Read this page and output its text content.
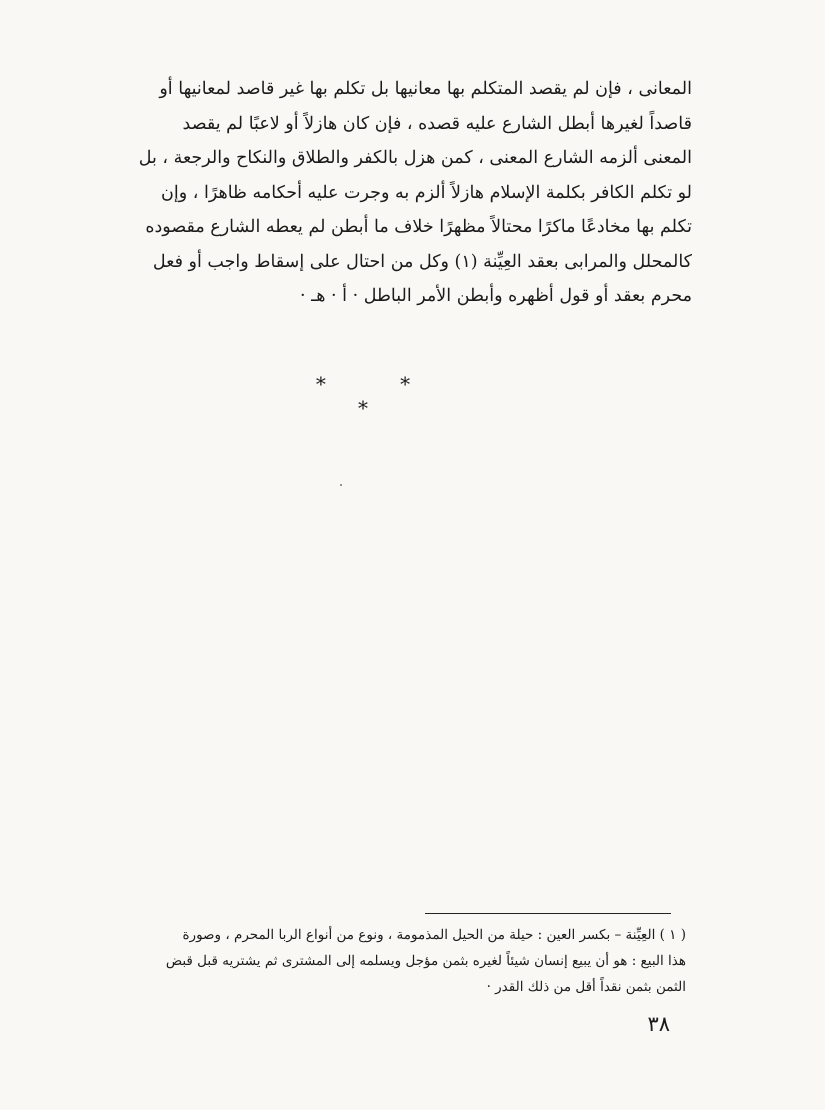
المعانى ، فإن لم يقصد المتكلم بها معانيها بل تكلم بها غير قاصد لمعانيها أو
قاصداً لغيرها أبطل الشارع عليه قصده ، فإن كان هازلاً أو لاعبًا لم يقصد
المعنى ألزمه الشارع المعنى ، كمن هزل بالكفر والطلاق والنكاح والرجعة ، بل
لو تكلم الكافر بكلمة الإسلام هازلاً ألزم به وجرت عليه أحكامه ظاهرًا ، وإن
تكلم بها مخادعًا ماكرًا محتالاً مظهرًا خلاف ما أبطن لم يعطه الشارع مقصوده
كالمحلل والمرابى بعقد العِيِّنة (١) وكل من احتال على إسقاط واجب أو فعل
محرم بعقد أو قول أظهره وأبطن الأمر الباطل · أ · هـ ·
* * *
( ١ ) العِيِّنة – بكسر العين : حيلة من الحيل المذمومة ، ونوع من أنواع الربا المحرم ، وصورة
هذا البيع : هو أن يبيع إنسان شيئاً لغيره بثمن مؤجل ويسلمه إلى المشترى ثم يشتريه قبل قبض
الثمن بثمن نقداً أقل من ذلك القدر ·
٣٨
